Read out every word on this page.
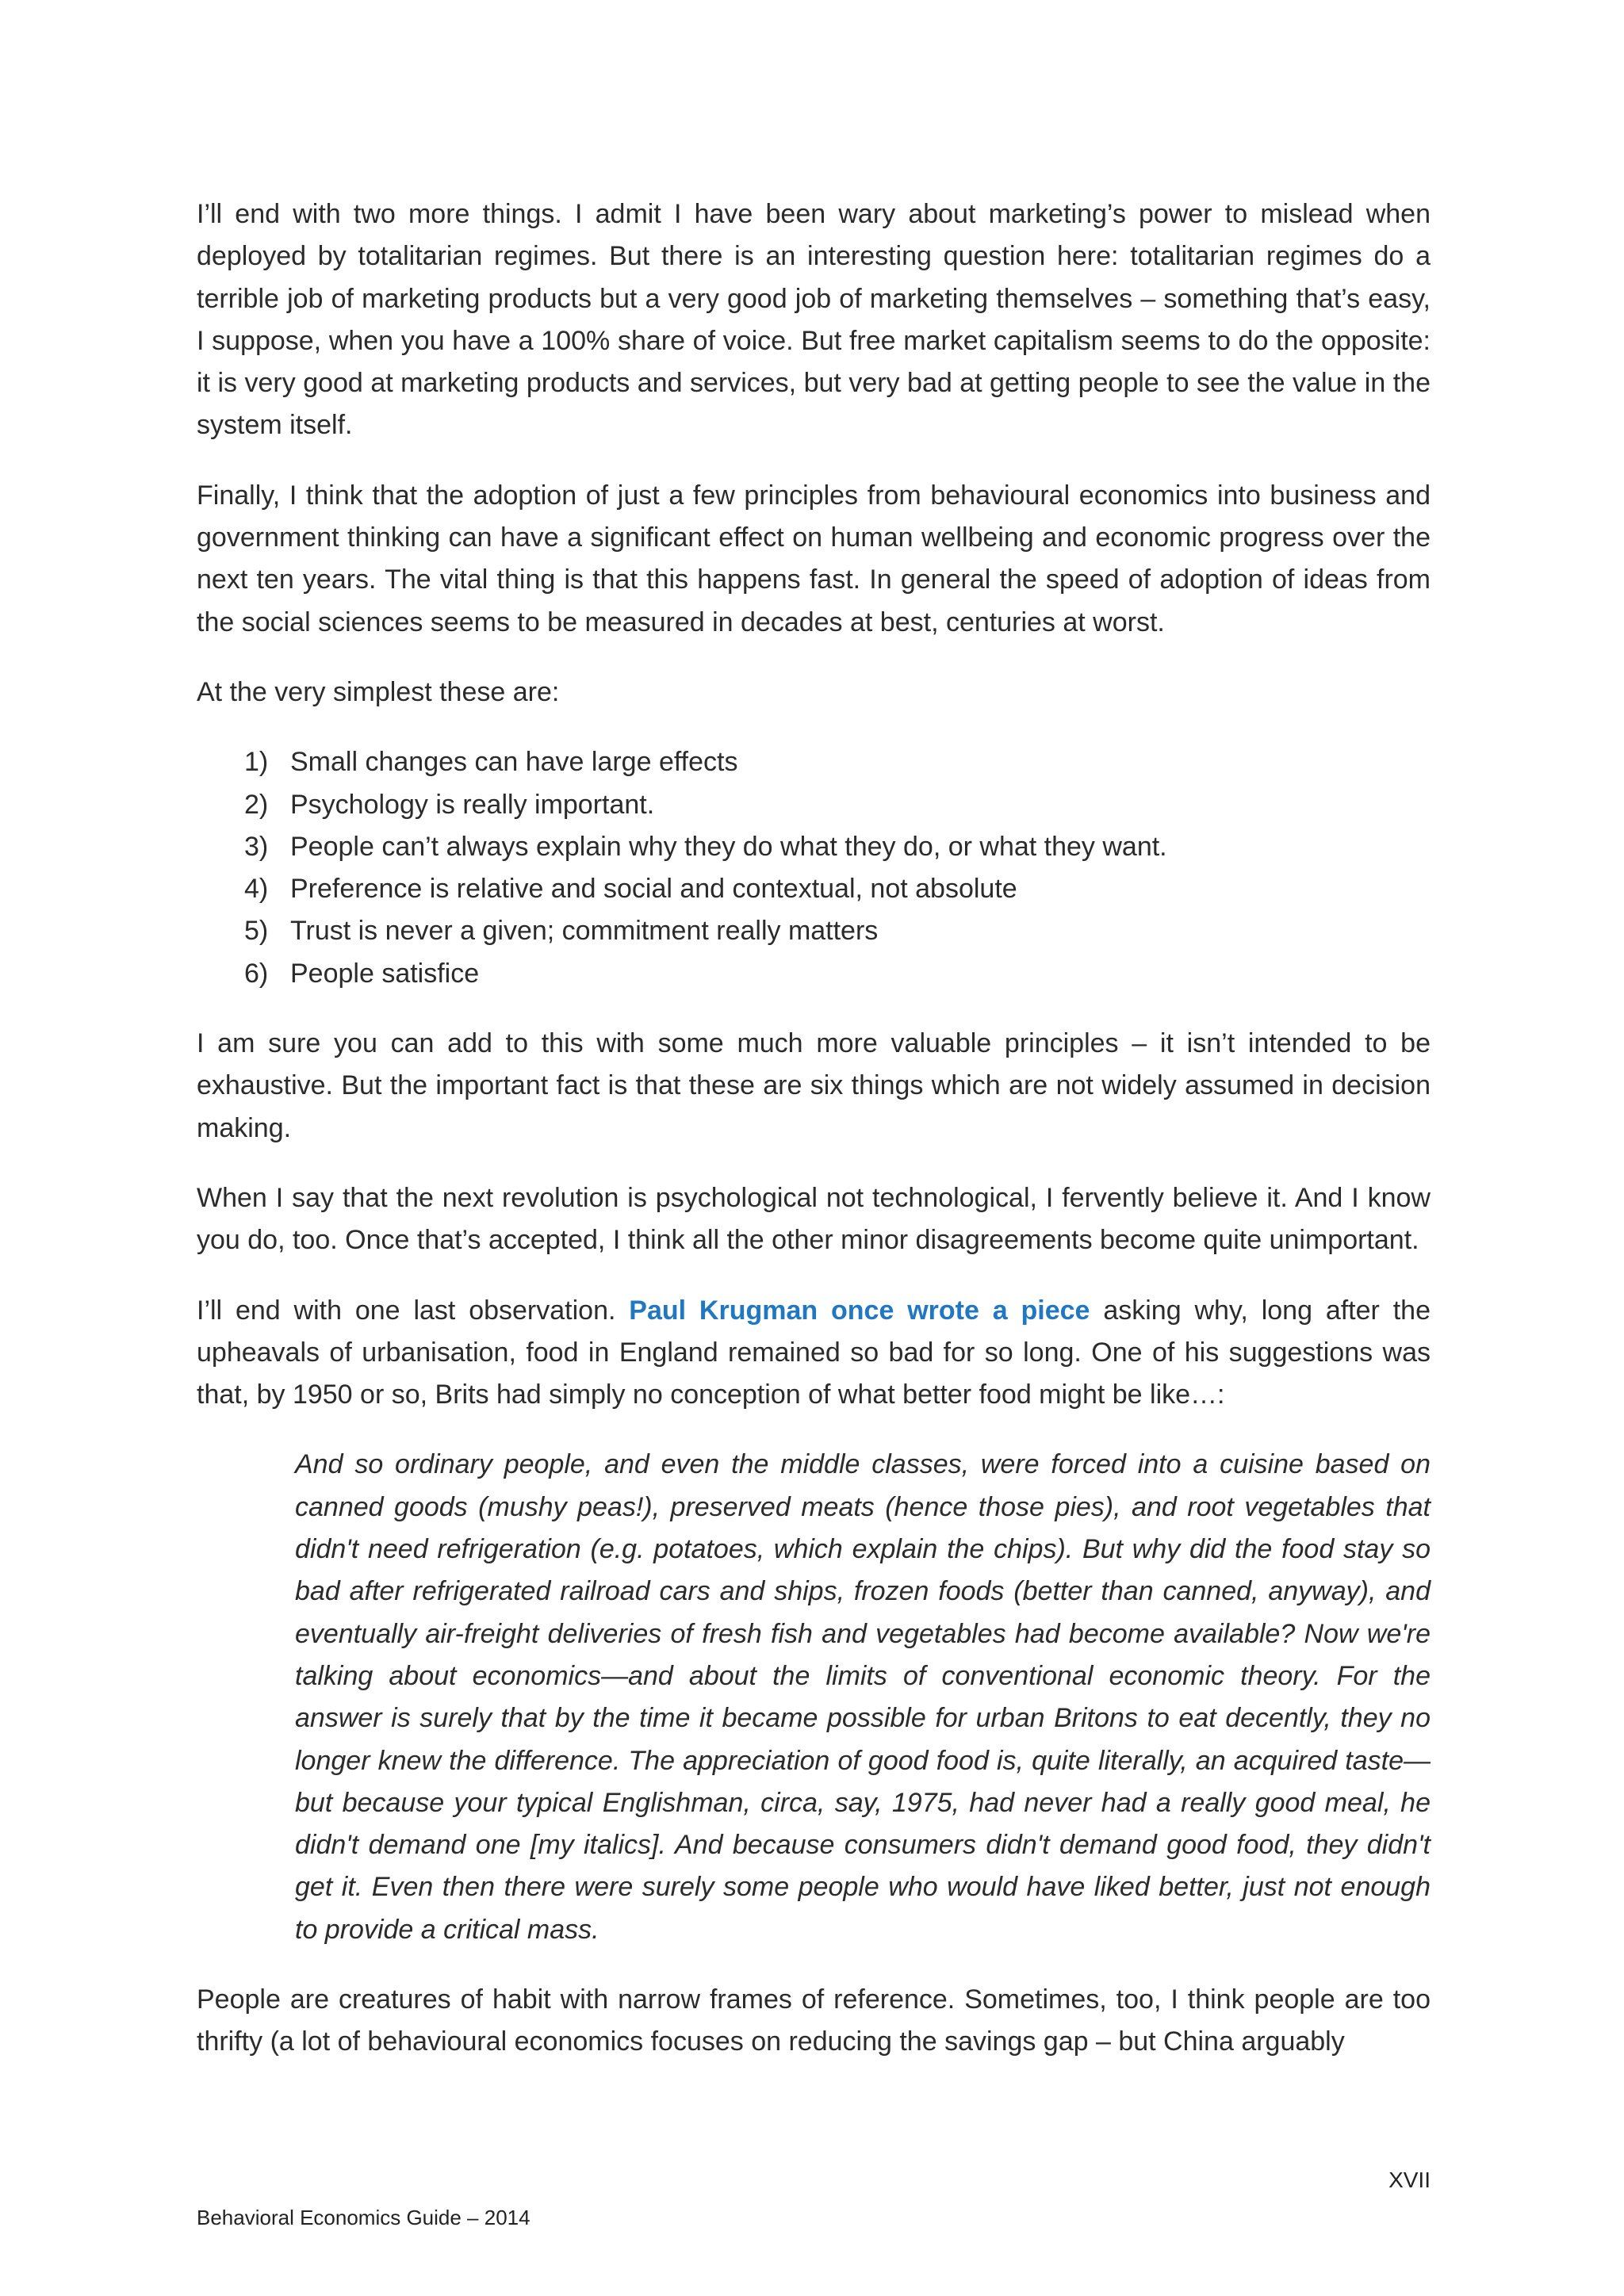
I’ll end with two more things. I admit I have been wary about marketing’s power to mislead when deployed by totalitarian regimes. But there is an interesting question here: totalitarian regimes do a terrible job of marketing products but a very good job of marketing themselves – something that’s easy, I suppose, when you have a 100% share of voice. But free market capitalism seems to do the opposite: it is very good at marketing products and services, but very bad at getting people to see the value in the system itself.

Finally, I think that the adoption of just a few principles from behavioural economics into business and government thinking can have a significant effect on human wellbeing and economic progress over the next ten years. The vital thing is that this happens fast. In general the speed of adoption of ideas from the social sciences seems to be measured in decades at best, centuries at worst.

At the very simplest these are:

1) Small changes can have large effects
2) Psychology is really important.
3) People can’t always explain why they do what they do, or what they want.
4) Preference is relative and social and contextual, not absolute
5) Trust is never a given; commitment really matters
6) People satisfice

I am sure you can add to this with some much more valuable principles – it isn’t intended to be exhaustive. But the important fact is that these are six things which are not widely assumed in decision making.

When I say that the next revolution is psychological not technological, I fervently believe it. And I know you do, too. Once that’s accepted, I think all the other minor disagreements become quite unimportant.

I’ll end with one last observation. Paul Krugman once wrote a piece asking why, long after the upheavals of urbanisation, food in England remained so bad for so long. One of his suggestions was that, by 1950 or so, Brits had simply no conception of what better food might be like…:

And so ordinary people, and even the middle classes, were forced into a cuisine based on canned goods (mushy peas!), preserved meats (hence those pies), and root vegetables that didn't need refrigeration (e.g. potatoes, which explain the chips). But why did the food stay so bad after refrigerated railroad cars and ships, frozen foods (better than canned, anyway), and eventually air-freight deliveries of fresh fish and vegetables had become available? Now we're talking about economics—and about the limits of conventional economic theory. For the answer is surely that by the time it became possible for urban Britons to eat decently, they no longer knew the difference. The appreciation of good food is, quite literally, an acquired taste—but because your typical Englishman, circa, say, 1975, had never had a really good meal, he didn't demand one [my italics]. And because consumers didn't demand good food, they didn't get it. Even then there were surely some people who would have liked better, just not enough to provide a critical mass.

People are creatures of habit with narrow frames of reference. Sometimes, too, I think people are too thrifty (a lot of behavioural economics focuses on reducing the savings gap – but China arguably

XVII
Behavioral Economics Guide – 2014
